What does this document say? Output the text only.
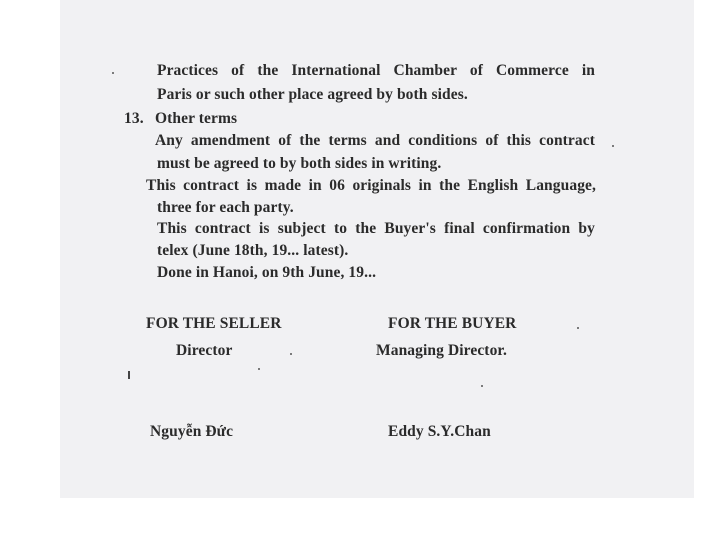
Practices of the International Chamber of Commerce in
Paris or such other place agreed by both sides.
13. Other terms
Any amendment of the terms and conditions of this contract
must be agreed to by both sides in writing.
This contract is made in 06 originals in the English Language,
three for each party.
This contract is subject to the Buyer's final confirmation by
telex (June 18th, 19... latest).
Done in Hanoi, on 9th June, 19...
FOR THE SELLER	FOR THE BUYER
Director	Managing Director.
Nguyễn Đức	Eddy S.Y.Chan
